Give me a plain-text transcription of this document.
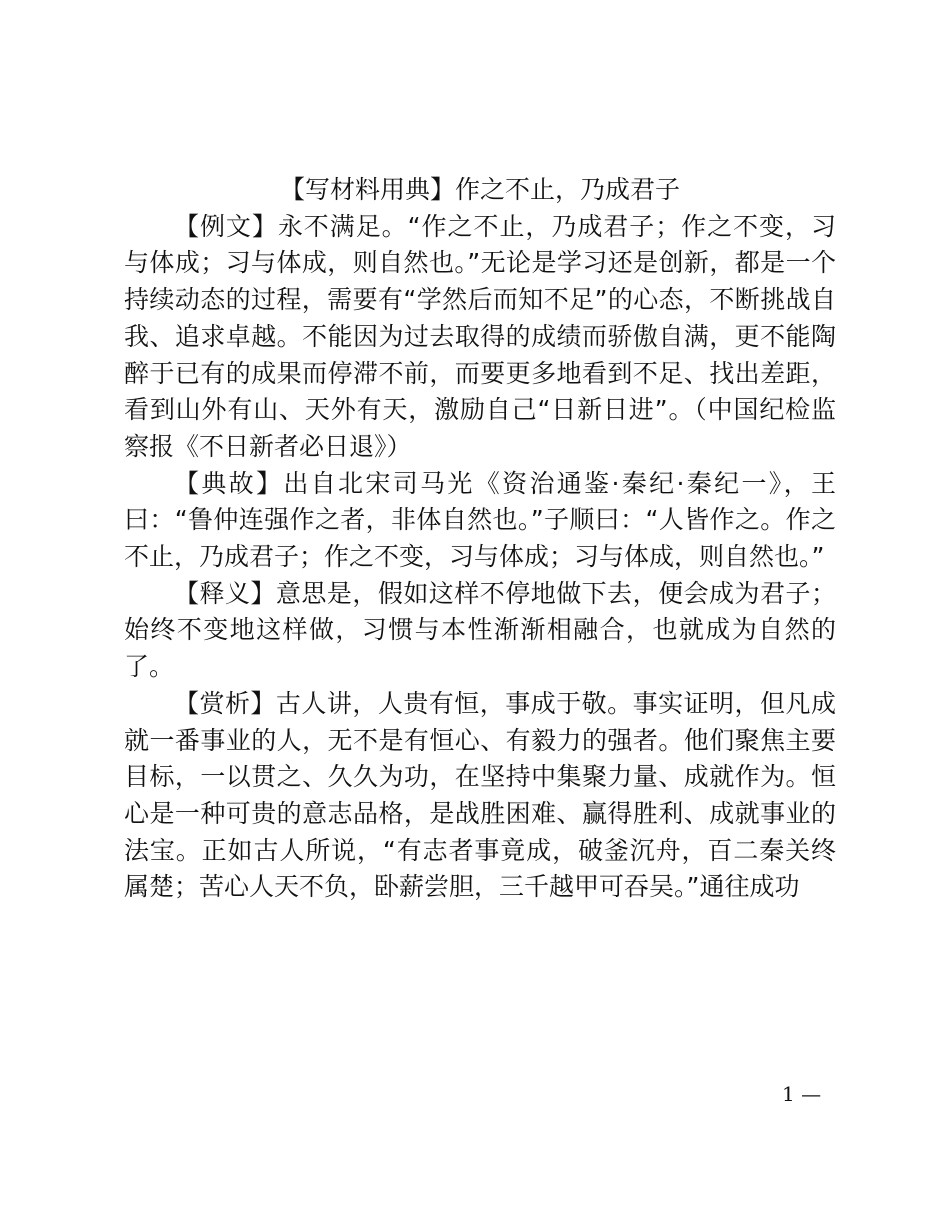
【写材料用典】作之不止，乃成君子

【例文】永不满足。“作之不止，乃成君子；作之不变，习与体成；习与体成，则自然也。”无论是学习还是创新，都是一个持续动态的过程，需要有“学然后而知不足”的心态，不断挑战自我、追求卓越。不能因为过去取得的成绩而骄傲自满，更不能陶醉于已有的成果而停滞不前，而要更多地看到不足、找出差距，看到山外有山、天外有天，激励自己“日新日进”。（中国纪检监察报《不日新者必日退》）

【典故】出自北宋司马光《资治通鉴·秦纪·秦纪一》，王曰：“鲁仲连强作之者，非体自然也。”子顺曰：“人皆作之。作之不止，乃成君子；作之不变，习与体成；习与体成，则自然也。”

【释义】意思是，假如这样不停地做下去，便会成为君子；始终不变地这样做，习惯与本性渐渐相融合，也就成为自然的了。

【赏析】古人讲，人贵有恒，事成于敬。事实证明，但凡成就一番事业的人，无不是有恒心、有毅力的强者。他们聚焦主要目标，一以贯之、久久为功，在坚持中集聚力量、成就作为。恒心是一种可贵的意志品格，是战胜困难、赢得胜利、成就事业的法宝。正如古人所说，“有志者事竟成，破釜沉舟，百二秦关终属楚；苦心人天不负，卧薪尝胆，三千越甲可吞吴。”通往成功

1 —
